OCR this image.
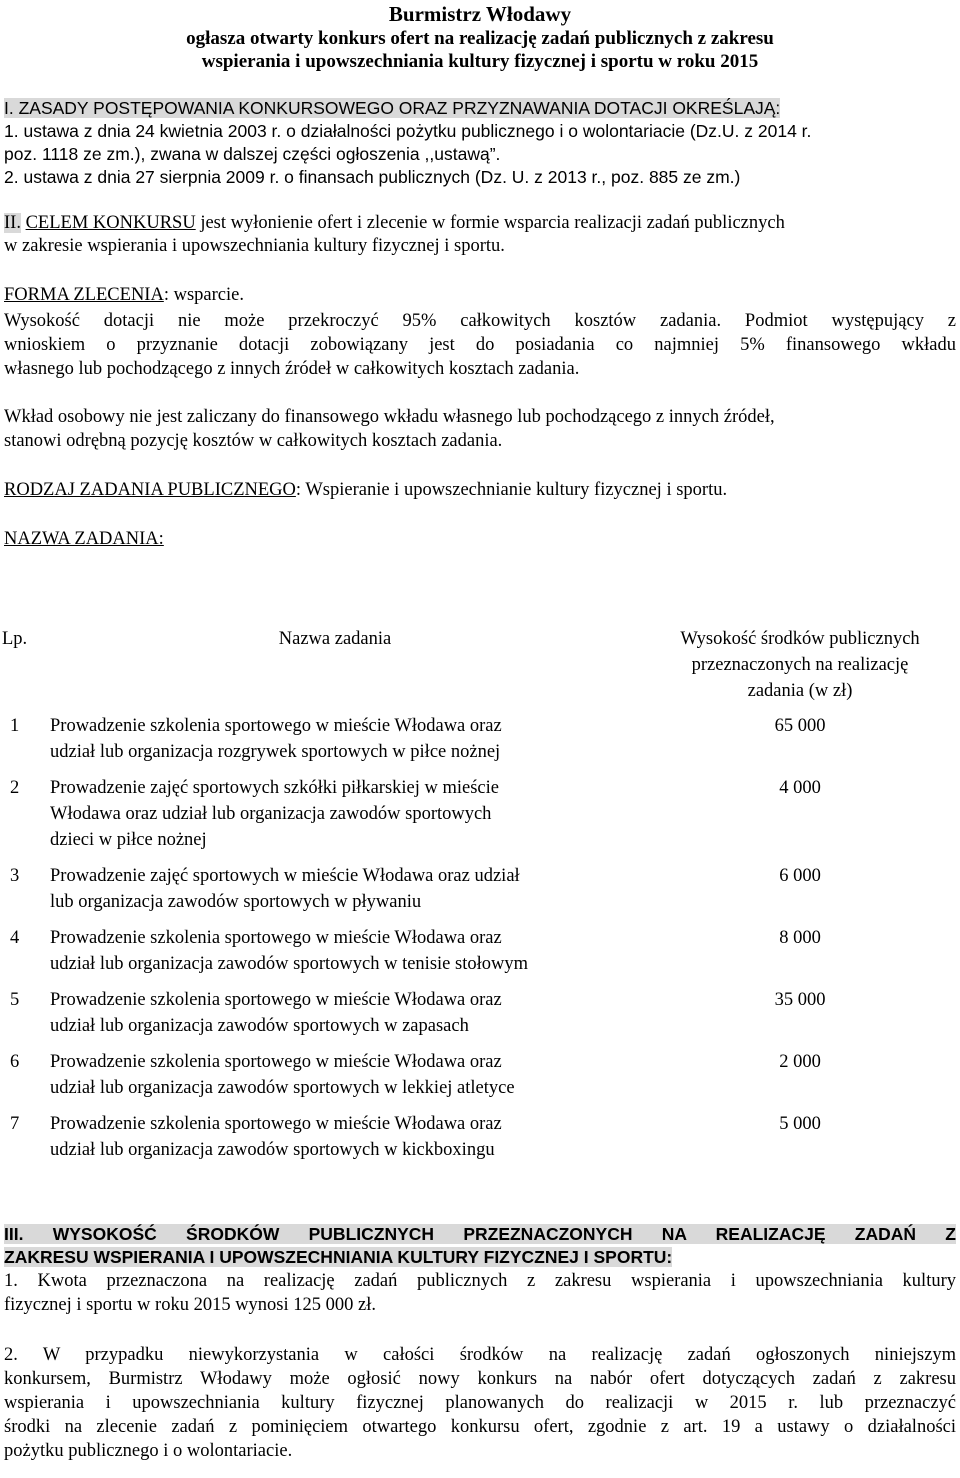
Burmistrz Włodawy
ogłasza otwarty konkurs ofert na realizację zadań publicznych z zakresu
wspierania i upowszechniania kultury fizycznej i sportu w roku 2015
I. ZASADY POSTĘPOWANIA KONKURSOWEGO ORAZ PRZYZNAWANIA DOTACJI OKREŚLAJĄ:
1. ustawa z dnia 24 kwietnia 2003 r. o działalności pożytku publicznego i o wolontariacie (Dz.U. z 2014 r.
poz. 1118 ze zm.), zwana w dalszej części ogłoszenia ,,ustawą”.
2. ustawa z dnia 27 sierpnia 2009 r. o finansach publicznych (Dz. U. z 2013 r., poz. 885 ze zm.)
II. CELEM KONKURSU jest wyłonienie ofert i zlecenie w formie wsparcia realizacji zadań publicznych
w zakresie wspierania i upowszechniania kultury fizycznej i sportu.
FORMA ZLECENIA: wsparcie.
Wysokość dotacji nie może przekroczyć 95% całkowitych kosztów zadania. Podmiot występujący z
wnioskiem o przyznanie dotacji zobowiązany jest do posiadania co najmniej 5% finansowego wkładu
własnego lub pochodzącego z innych źródeł w całkowitych kosztach zadania.
Wkład osobowy nie jest zaliczany do finansowego wkładu własnego lub pochodzącego z innych źródeł,
stanowi odrębną pozycję kosztów w całkowitych kosztach zadania.
RODZAJ ZADANIA PUBLICZNEGO: Wspieranie i upowszechnianie kultury fizycznej i sportu.
NAZWA ZADANIA:
Lp.	Nazwa zadania	Wysokość środków publicznych
przeznaczonych na realizację
zadania (w zł)
1 Prowadzenie szkolenia sportowego w mieście Włodawa oraz
udział lub organizacja rozgrywek sportowych w piłce nożnej
65 000
2 Prowadzenie zajęć sportowych szkółki piłkarskiej w mieście
Włodawa oraz udział lub organizacja zawodów sportowych
dzieci w piłce nożnej
4 000
3 Prowadzenie zajęć sportowych w mieście Włodawa oraz udział
lub organizacja zawodów sportowych w pływaniu
6 000
4 Prowadzenie szkolenia sportowego w mieście Włodawa oraz
udział lub organizacja zawodów sportowych w tenisie stołowym
8 000
5 Prowadzenie szkolenia sportowego w mieście Włodawa oraz
udział lub organizacja zawodów sportowych w zapasach
35 000
6 Prowadzenie szkolenia sportowego w mieście Włodawa oraz
udział lub organizacja zawodów sportowych w lekkiej atletyce
2 000
7 Prowadzenie szkolenia sportowego w mieście Włodawa oraz
udział lub organizacja zawodów sportowych w kickboxingu
5 000
III. WYSOKOŚĆ ŚRODKÓW PUBLICZNYCH PRZEZNACZONYCH NA REALIZACJĘ ZADAŃ Z
ZAKRESU WSPIERANIA I UPOWSZECHNIANIA KULTURY FIZYCZNEJ I SPORTU:
1. Kwota przeznaczona na realizację zadań publicznych z zakresu wspierania i upowszechniania kultury
fizycznej i sportu w roku 2015 wynosi 125 000 zł.
2. W przypadku niewykorzystania w całości środków na realizację zadań ogłoszonych niniejszym
konkursem, Burmistrz Włodawy może ogłosić nowy konkurs na nabór ofert dotyczących zadań z zakresu
wspierania i upowszechniania kultury fizycznej planowanych do realizacji w 2015 r. lub przeznaczyć
środki na zlecenie zadań z pominięciem otwartego konkursu ofert, zgodnie z art. 19 a ustawy o działalności
pożytku publicznego i o wolontariacie.
